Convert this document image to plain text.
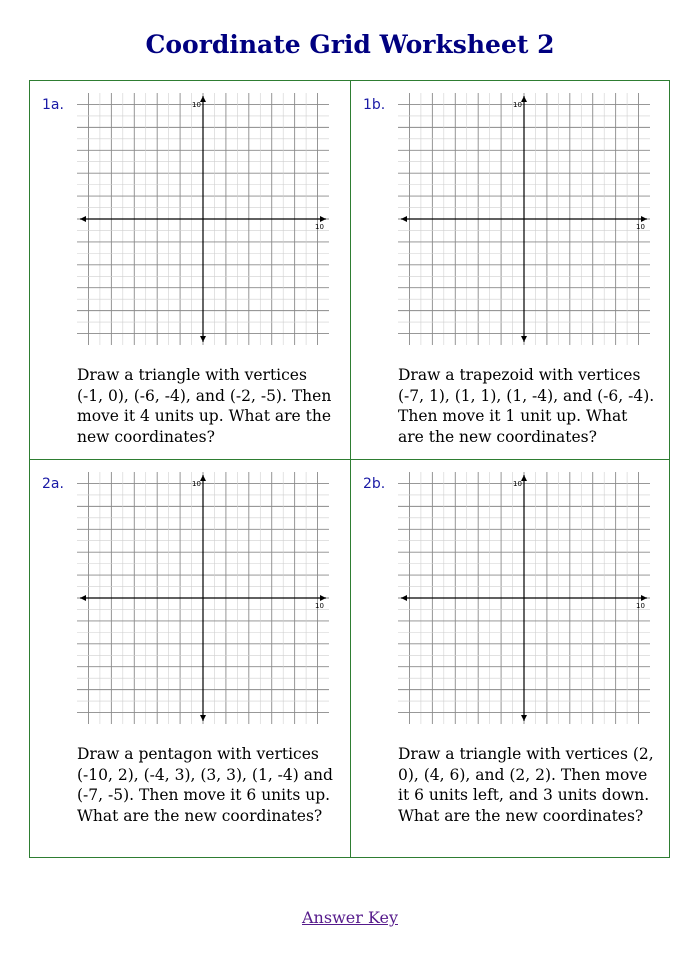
Coordinate Grid Worksheet 2
1a.
10
10

Draw a triangle with vertices (-1, 0), (-6, -4), and (-2, -5). Then move it 4 units up. What are the new coordinates?

1b.
10
10

Draw a trapezoid with vertices (-7, 1), (1, 1), (1, -4), and (-6, -4). Then move it 1 unit up. What are the new coordinates?

2a.
10
10

Draw a pentagon with vertices (-10, 2), (-4, 3), (3, 3), (1, -4) and (-7, -5). Then move it 6 units up. What are the new coordinates?

2b.
10
10

Draw a triangle with vertices (2, 0), (4, 6), and (2, 2). Then move it 6 units left, and 3 units down. What are the new coordinates?

Answer Key
